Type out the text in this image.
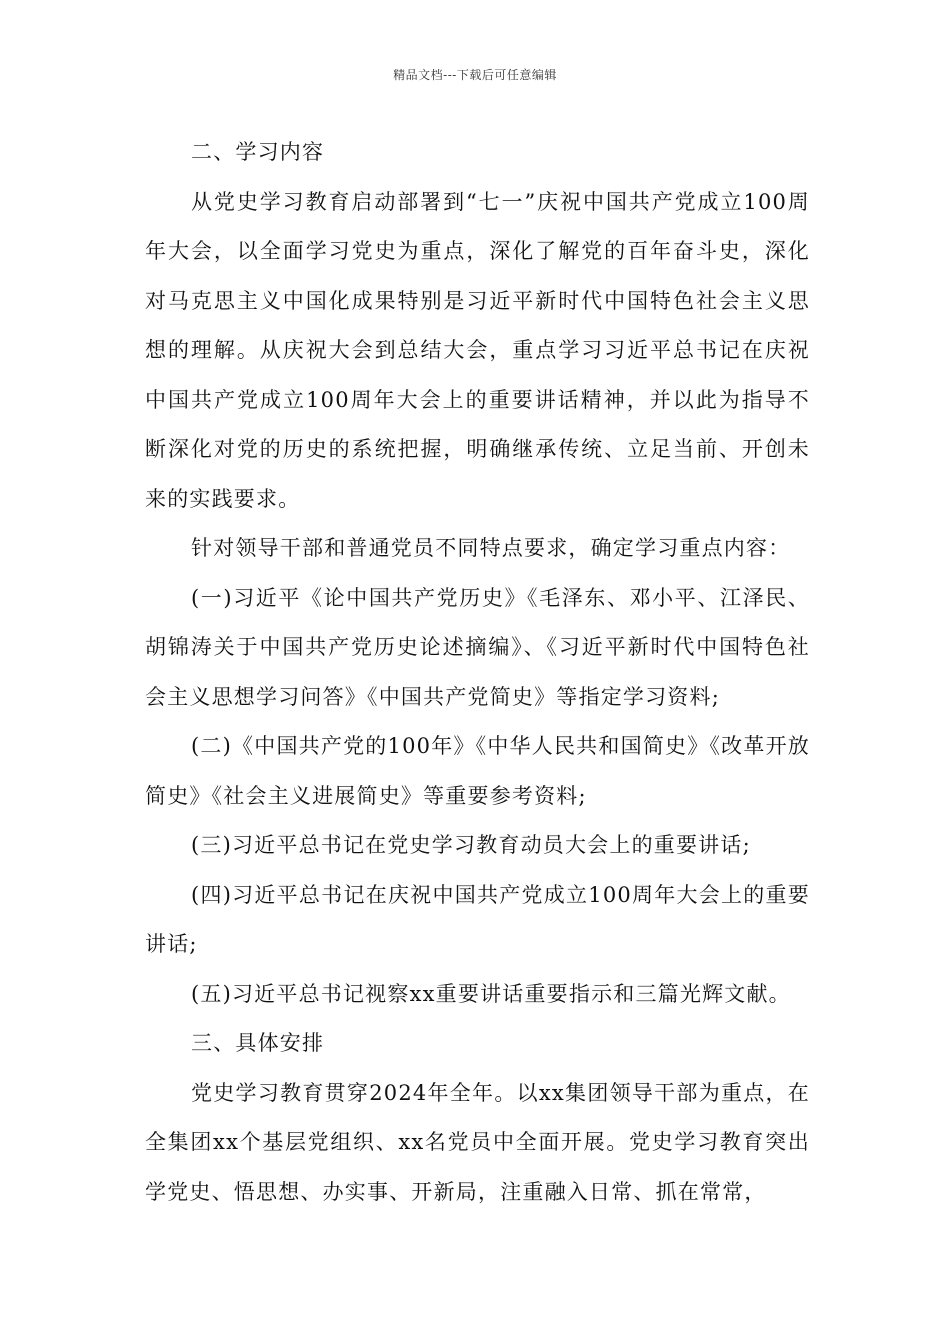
精品文档---下载后可任意编辑

二、学习内容

从党史学习教育启动部署到“七一”庆祝中国共产党成立100周年大会，以全面学习党史为重点，深化了解党的百年奋斗史，深化对马克思主义中国化成果特别是习近平新时代中国特色社会主义思想的理解。从庆祝大会到总结大会，重点学习习近平总书记在庆祝中国共产党成立100周年大会上的重要讲话精神，并以此为指导不断深化对党的历史的系统把握，明确继承传统、立足当前、开创未来的实践要求。

针对领导干部和普通党员不同特点要求，确定学习重点内容：

(一)习近平《论中国共产党历史》《毛泽东、邓小平、江泽民、胡锦涛关于中国共产党历史论述摘编》、《习近平新时代中国特色社会主义思想学习问答》《中国共产党简史》等指定学习资料;

(二)《中国共产党的100年》《中华人民共和国简史》《改革开放简史》《社会主义进展简史》等重要参考资料;

(三)习近平总书记在党史学习教育动员大会上的重要讲话;

(四)习近平总书记在庆祝中国共产党成立100周年大会上的重要讲话;

(五)习近平总书记视察xx重要讲话重要指示和三篇光辉文献。

三、具体安排

党史学习教育贯穿2024年全年。以xx集团领导干部为重点，在全集团xx个基层党组织、xx名党员中全面开展。党史学习教育突出学党史、悟思想、办实事、开新局，注重融入日常、抓在常常，
